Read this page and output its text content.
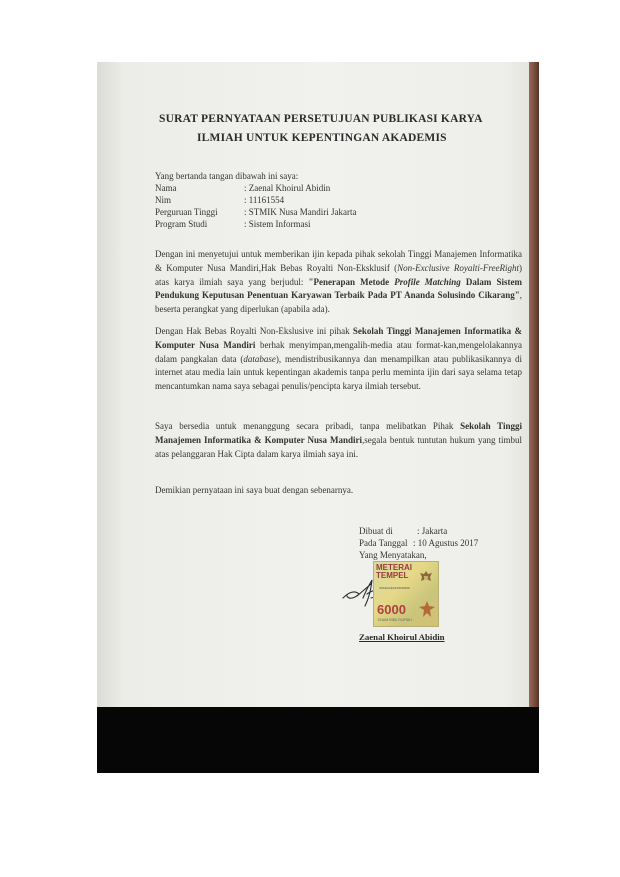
SURAT PERNYATAAN PERSETUJUAN PUBLIKASI KARYA
ILMIAH UNTUK KEPENTINGAN AKADEMIS
Yang bertanda tangan dibawah ini saya:
Nama	: Zaenal Khoirul Abidin
Nim	: 11161554
Perguruan Tinggi	: STMIK Nusa Mandiri Jakarta
Program Studi	: Sistem Informasi
Dengan ini menyetujui untuk memberikan ijin kepada pihak sekolah Tinggi Manajemen Informatika & Komputer Nusa Mandiri,Hak Bebas Royalti Non-Eksklusif (Non-Exclusive Royalti-FreeRight) atas karya ilmiah saya yang berjudul: "Penerapan Metode Profile Matching Dalam Sistem Pendukung Keputusan Penentuan Karyawan Terbaik Pada PT Ananda Solusindo Cikarang", beserta perangkat yang diperlukan (apabila ada).
Dengan Hak Bebas Royalti Non-Ekslusive ini pihak Sekolah Tinggi Manajemen Informatika & Komputer Nusa Mandiri berhak menyimpan,mengalih-media atau format-kan,mengelolakannya dalam pangkalan data (database), mendistribusikannya dan menampilkan atau publikasikannya di internet atau media lain untuk kepentingan akademis tanpa perlu meminta ijin dari saya selama tetap mencantumkan nama saya sebagai penulis/pencipta karya ilmiah tersebut.
Saya bersedia untuk menanggung secara pribadi, tanpa melibatkan Pihak Sekolah Tinggi Manajemen Informatika & Komputer Nusa Mandiri,segala bentuk tuntutan hukum yang timbul atas pelanggaran Hak Cipta dalam karya ilmiah saya ini.
Demikian pernyataan ini saya buat dengan sebenarnya.
Dibuat di	: Jakarta
Pada Tanggal : 10 Agustus 2017
Yang Menyatakan,
METERAI
TEMPEL
3DFEDAEF469099698
6000
ENAM RIBU RUPIAH
Zaenal Khoirul Abidin
